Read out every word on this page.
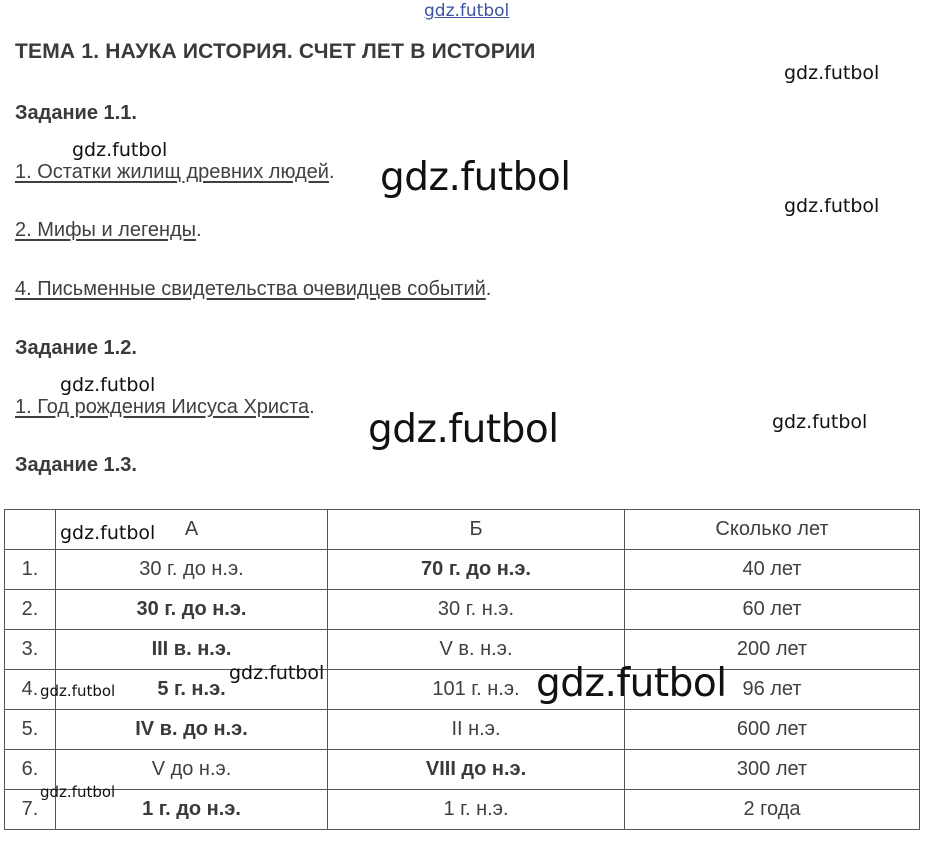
gdz.futbol
ТЕМА 1. НАУКА ИСТОРИЯ. СЧЕТ ЛЕТ В ИСТОРИИ
Задание 1.1.
1. Остатки жилищ древних людей.
2. Мифы и легенды.
4. Письменные свидетельства очевидцев событий.
Задание 1.2.
1. Год рождения Иисуса Христа.
Задание 1.3.
	А	Б	Сколько лет
1.	30 г. до н.э.	70 г. до н.э.	40 лет
2.	30 г. до н.э.	30 г. н.э.	60 лет
3.	III в. н.э.	V в. н.э.	200 лет
4.	5 г. н.э.	101 г. н.э.	96 лет
5.	IV в. до н.э.	II н.э.	600 лет
6.	V до н.э.	VIII до н.э.	300 лет
7.	1 г. до н.э.	1 г. н.э.	2 года
gdz.futbol
gdz.futbol
gdz.futbol
gdz.futbol
gdz.futbol
gdz.futbol	gdz.futbol
gdz.futbol
gdz.futbol	gdz.futbol
gdz.futbol
gdz.futbol
